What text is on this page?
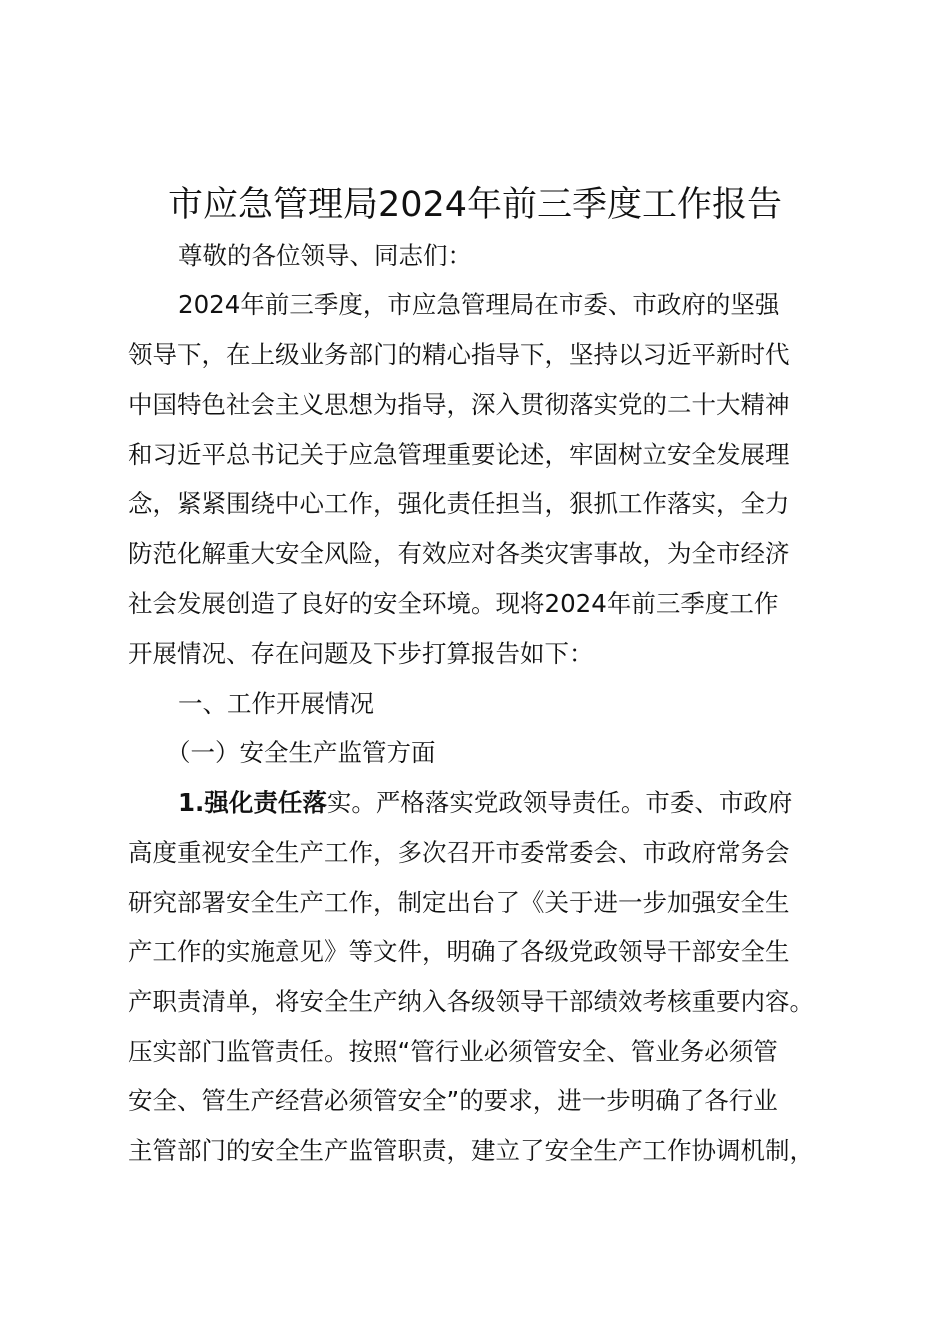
市应急管理局2024年前三季度工作报告

尊敬的各位领导、同志们：

2024年前三季度，市应急管理局在市委、市政府的坚强

领导下，在上级业务部门的精心指导下，坚持以习近平新时代

中国特色社会主义思想为指导，深入贯彻落实党的二十大精神

和习近平总书记关于应急管理重要论述，牢固树立安全发展理

念，紧紧围绕中心工作，强化责任担当，狠抓工作落实，全力

防范化解重大安全风险，有效应对各类灾害事故，为全市经济

社会发展创造了良好的安全环境。现将2024年前三季度工作

开展情况、存在问题及下步打算报告如下：

一、工作开展情况

（一）安全生产监管方面

1.强化责任落实。严格落实党政领导责任。市委、市政府

高度重视安全生产工作，多次召开市委常委会、市政府常务会

研究部署安全生产工作，制定出台了《关于进一步加强安全生

产工作的实施意见》等文件，明确了各级党政领导干部安全生

产职责清单，将安全生产纳入各级领导干部绩效考核重要内容。

压实部门监管责任。按照“管行业必须管安全、管业务必须管

安全、管生产经营必须管安全”的要求，进一步明确了各行业

主管部门的安全生产监管职责，建立了安全生产工作协调机制，
